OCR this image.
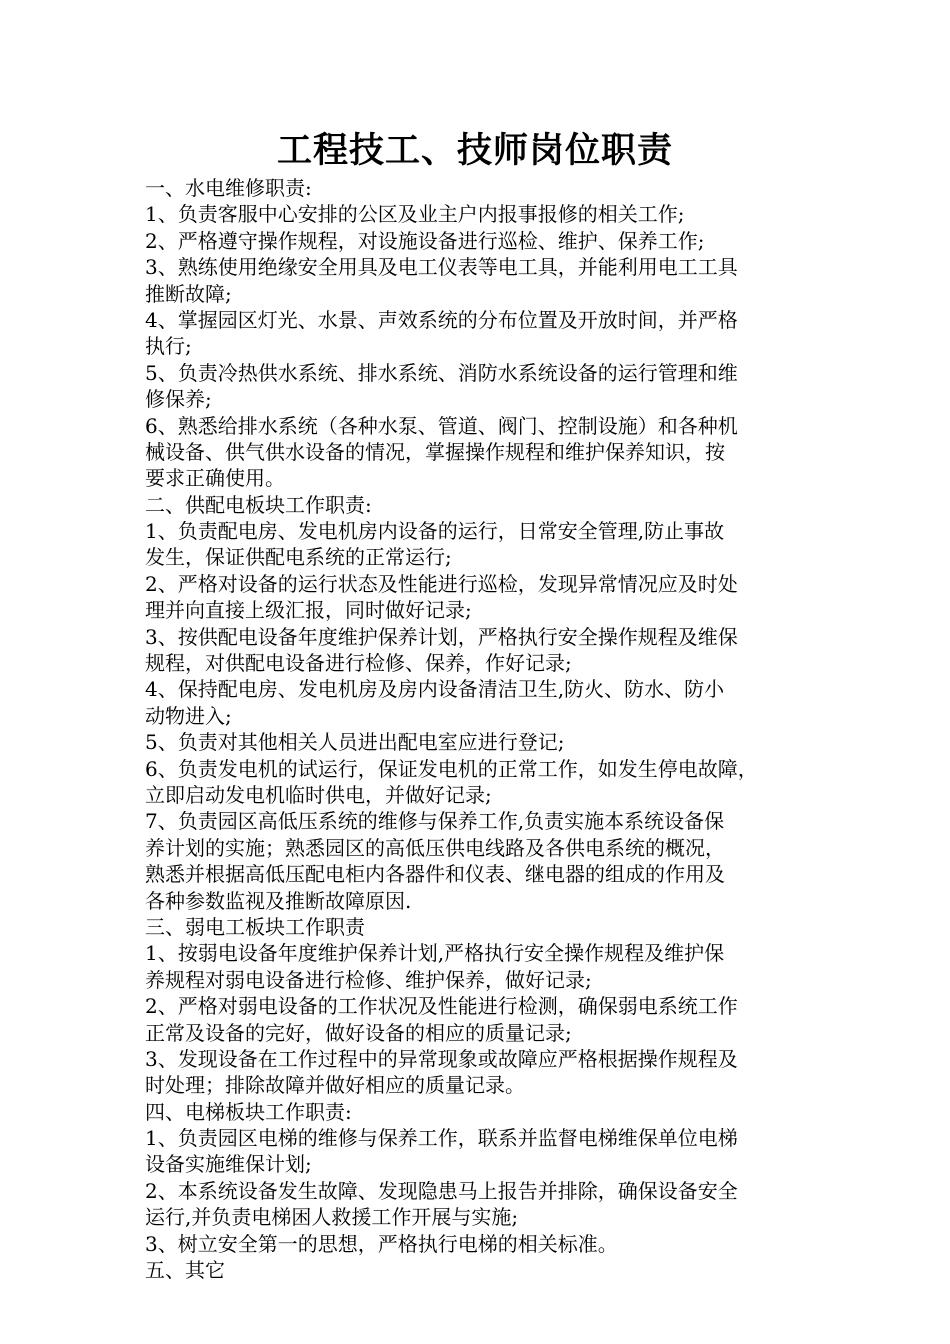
工程技工、技师岗位职责
一、水电维修职责:
1、负责客服中心安排的公区及业主户内报事报修的相关工作;
2、严格遵守操作规程，对设施设备进行巡检、维护、保养工作;
3、熟练使用绝缘安全用具及电工仪表等电工具，并能利用电工工具
推断故障;
4、掌握园区灯光、水景、声效系统的分布位置及开放时间，并严格
执行;
5、负责冷热供水系统、排水系统、消防水系统设备的运行管理和维
修保养;
6、熟悉给排水系统（各种水泵、管道、阀门、控制设施）和各种机
械设备、供气供水设备的情况，掌握操作规程和维护保养知识，按
要求正确使用。
二、供配电板块工作职责:
1、负责配电房、发电机房内设备的运行，日常安全管理,防止事故
发生，保证供配电系统的正常运行;
2、严格对设备的运行状态及性能进行巡检，发现异常情况应及时处
理并向直接上级汇报，同时做好记录;
3、按供配电设备年度维护保养计划，严格执行安全操作规程及维保
规程，对供配电设备进行检修、保养，作好记录;
4、保持配电房、发电机房及房内设备清洁卫生,防火、防水、防小
动物进入;
5、负责对其他相关人员进出配电室应进行登记;
6、负责发电机的试运行，保证发电机的正常工作，如发生停电故障，
立即启动发电机临时供电，并做好记录;
7、负责园区高低压系统的维修与保养工作,负责实施本系统设备保
养计划的实施；熟悉园区的高低压供电线路及各供电系统的概况，
熟悉并根据高低压配电柜内各器件和仪表、继电器的组成的作用及
各种参数监视及推断故障原因.
三、弱电工板块工作职责
1、按弱电设备年度维护保养计划,严格执行安全操作规程及维护保
养规程对弱电设备进行检修、维护保养，做好记录;
2、严格对弱电设备的工作状况及性能进行检测，确保弱电系统工作
正常及设备的完好，做好设备的相应的质量记录;
3、发现设备在工作过程中的异常现象或故障应严格根据操作规程及
时处理；排除故障并做好相应的质量记录。
四、电梯板块工作职责:
1、负责园区电梯的维修与保养工作，联系并监督电梯维保单位电梯
设备实施维保计划;
2、本系统设备发生故障、发现隐患马上报告并排除，确保设备安全
运行,并负责电梯困人救援工作开展与实施;
3、树立安全第一的思想，严格执行电梯的相关标准。
五、其它
